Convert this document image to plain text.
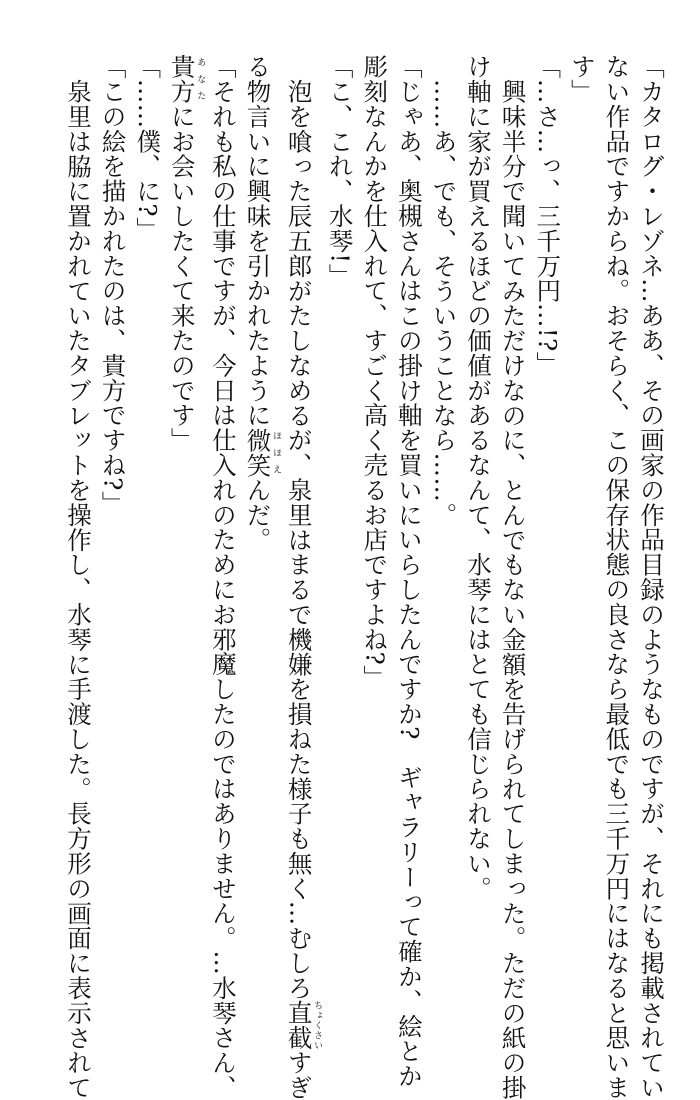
「カタログ・レゾネ…ああ、その画家の作品目録のようなものですが、それにも掲載されてい
ない作品ですからね。おそらく、この保存状態の良さなら最低でも三千万円にはなると思いま
す」
「…さ…っ、三千万円…!?」
興味半分で聞いてみただけなのに、とんでもない金額を告げられてしまった。ただの紙の掛
け軸に家が買えるほどの価値があるなんて、水琴にはとても信じられない。
……あ、でも、そういうことなら……。
「じゃあ、奥槻さんはこの掛け軸を買いにいらしたんですか?　ギャラリーって確か、絵とか
彫刻なんかを仕入れて、すごく高く売るお店ですよね?」
「こ、これ、水琴!」
泡を喰った辰五郎がたしなめるが、泉里はまるで機嫌を損ねた様子も無く…むしろ直截ちょくさいすぎ
る物言いに興味を引かれたように微笑ほほえんだ。
「それも私の仕事ですが、今日は仕入れのためにお邪魔したのではありません。…水琴さん、
貴方あなたにお会いしたくて来たのです」
「……僕、に?」
「この絵を描かれたのは、貴方ですね?」
泉里は脇に置かれていたタブレットを操作し、水琴に手渡した。長方形の画面に表示されて
